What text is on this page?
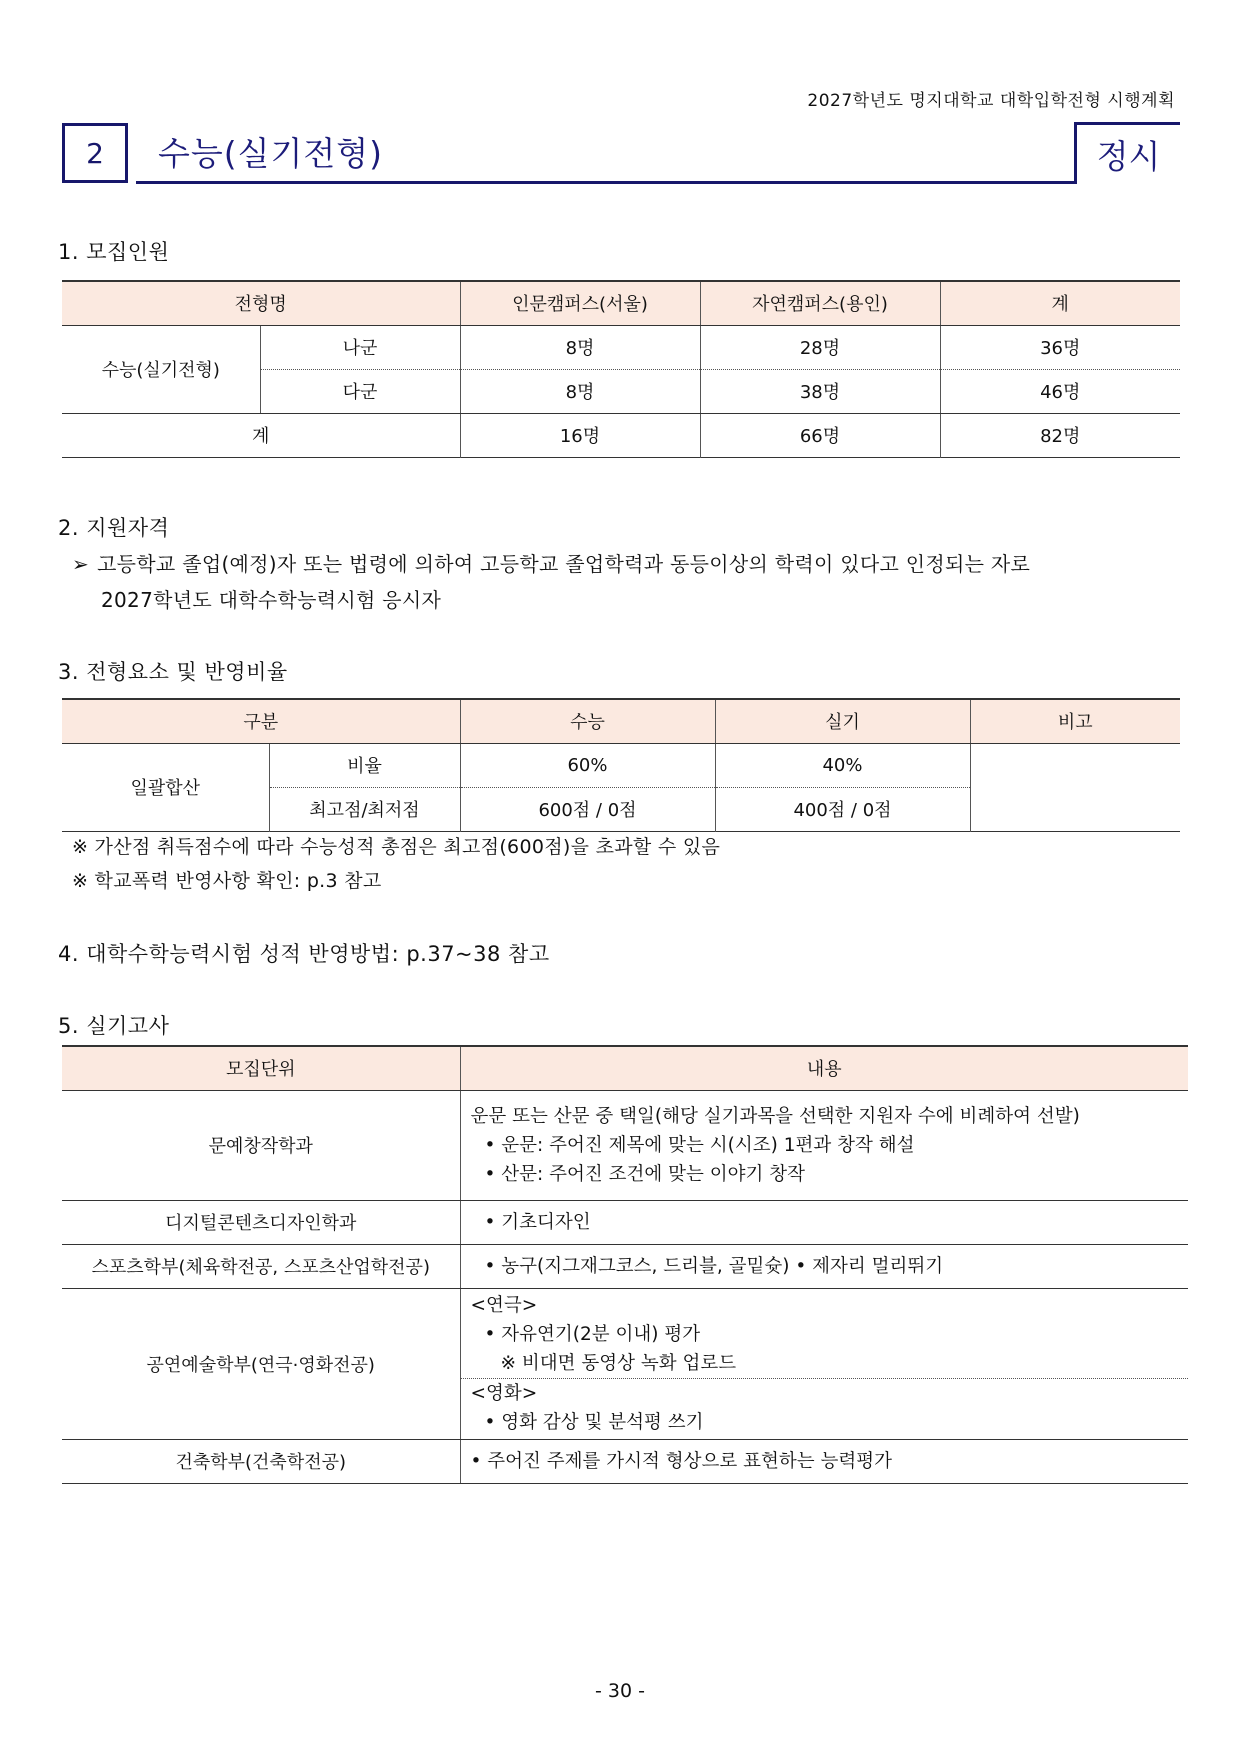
2027학년도 명지대학교 대학입학전형 시행계획
2	수능(실기전형)	정시
1. 모집인원
전형명		인문캠퍼스(서울)	자연캠퍼스(용인)	계
수능(실기전형)	나군	8명	28명	36명
	다군	8명	38명	46명
계		16명	66명	82명
2. 지원자격
➢ 고등학교 졸업(예정)자 또는 법령에 의하여 고등학교 졸업학력과 동등이상의 학력이 있다고 인정되는 자로
2027학년도 대학수학능력시험 응시자
3. 전형요소 및 반영비율
구분		수능	실기	비고
일괄합산	비율	60%	40%	
	최고점/최저점	600점 / 0점	400점 / 0점	
※ 가산점 취득점수에 따라 수능성적 총점은 최고점(600점)을 초과할 수 있음
※ 학교폭력 반영사항 확인: p.3 참고
4. 대학수학능력시험 성적 반영방법: p.37~38 참고
5. 실기고사
모집단위	내용
문예창작학과	운문 또는 산문 중 택일(해당 실기과목을 선택한 지원자 수에 비례하여 선발)
• 운문: 주어진 제목에 맞는 시(시조) 1편과 창작 해설
• 산문: 주어진 조건에 맞는 이야기 창작

디지털콘텐츠디자인학과	• 기초디자인

스포츠학부(체육학전공, 스포츠산업학전공)	• 농구(지그재그코스, 드리블, 골밑슛) • 제자리 멀리뛰기

공연예술학부(연극·영화전공)	<연극>
• 자유연기(2분 이내) 평가
※ 비대면 동영상 녹화 업로드
<영화>
• 영화 감상 및 분석평 쓰기

건축학부(건축학전공)	• 주어진 주제를 가시적 형상으로 표현하는 능력평가
- 30 -
